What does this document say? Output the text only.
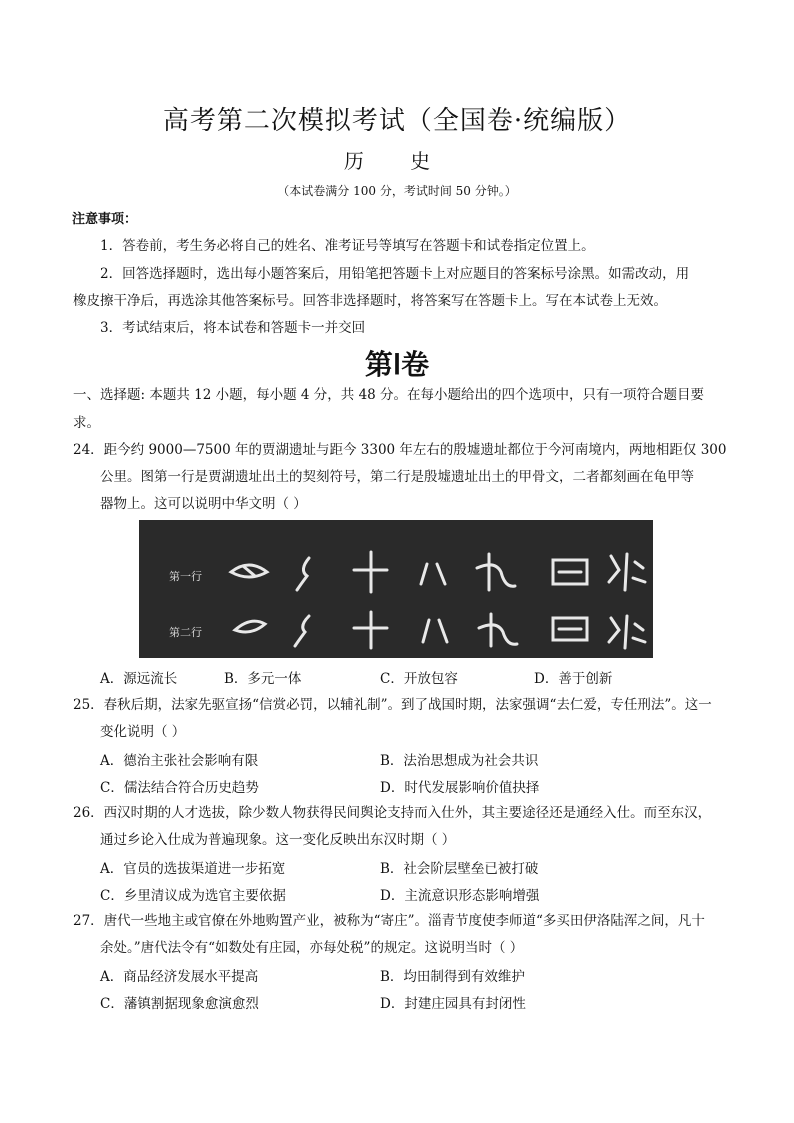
高考第二次模拟考试（全国卷·统编版）
历 史
（本试卷满分 100 分，考试时间 50 分钟。）
注意事项：
1．答卷前，考生务必将自己的姓名、准考证号等填写在答题卡和试卷指定位置上。
2．回答选择题时，选出每小题答案后，用铅笔把答题卡上对应题目的答案标号涂黑。如需改动，用
橡皮擦干净后，再选涂其他答案标号。回答非选择题时，将答案写在答题卡上。写在本试卷上无效。
3．考试结束后，将本试卷和答题卡一并交回
第Ⅰ卷
一、选择题: 本题共 12 小题，每小题 4 分，共 48 分。在每小题给出的四个选项中，只有一项符合题目要
求。
24．距今约 9000—7500 年的贾湖遗址与距今 3300 年左右的殷墟遗址都位于今河南境内，两地相距仅 300
公里。图第一行是贾湖遗址出土的契刻符号，第二行是殷墟遗址出土的甲骨文，二者都刻画在龟甲等
器物上。这可以说明中华文明（ ）
第一行
第二行
A．源远流长	B．多元一体	C．开放包容	D．善于创新
25．春秋后期，法家先驱宣扬“信赏必罚，以辅礼制”。到了战国时期，法家强调“去仁爱，专任刑法”。这一
变化说明（ ）
A．德治主张社会影响有限	B．法治思想成为社会共识
C．儒法结合符合历史趋势	D．时代发展影响价值抉择
26．西汉时期的人才选拔，除少数人物获得民间舆论支持而入仕外，其主要途径还是通经入仕。而至东汉，
通过乡论入仕成为普遍现象。这一变化反映出东汉时期（ ）
A．官员的选拔渠道进一步拓宽	B．社会阶层壁垒已被打破
C．乡里清议成为选官主要依据	D．主流意识形态影响增强
27．唐代一些地主或官僚在外地购置产业，被称为“寄庄”。淄青节度使李师道“多买田伊洛陆浑之间，凡十
余处。”唐代法令有“如数处有庄园，亦每处税”的规定。这说明当时（ ）
A．商品经济发展水平提高	B．均田制得到有效维护
C．藩镇割据现象愈演愈烈	D．封建庄园具有封闭性
